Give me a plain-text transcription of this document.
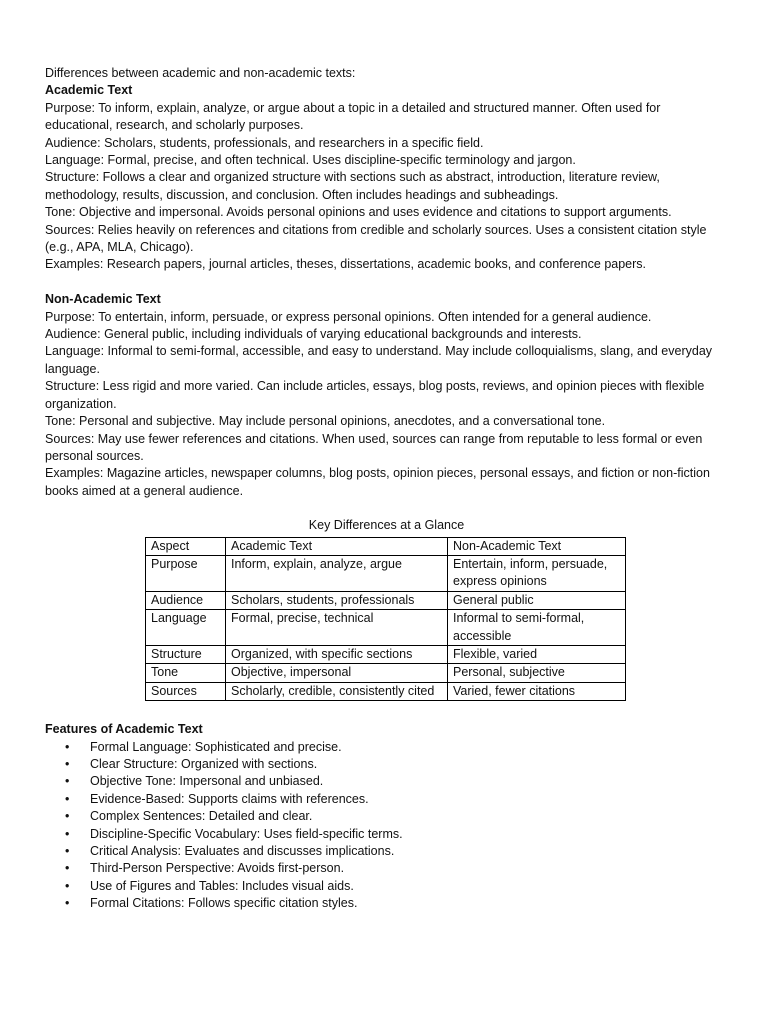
Differences between academic and non-academic texts:

Academic Text

Purpose: To inform, explain, analyze, or argue about a topic in a detailed and structured manner. Often used for

educational, research, and scholarly purposes.

Audience: Scholars, students, professionals, and researchers in a specific field.

Language: Formal, precise, and often technical. Uses discipline-specific terminology and jargon.

Structure: Follows a clear and organized structure with sections such as abstract, introduction, literature review,

methodology, results, discussion, and conclusion. Often includes headings and subheadings.

Tone: Objective and impersonal. Avoids personal opinions and uses evidence and citations to support arguments.

Sources: Relies heavily on references and citations from credible and scholarly sources. Uses a consistent citation style

(e.g., APA, MLA, Chicago).

Examples: Research papers, journal articles, theses, dissertations, academic books, and conference papers.

Non-Academic Text

Purpose: To entertain, inform, persuade, or express personal opinions. Often intended for a general audience.

Audience: General public, including individuals of varying educational backgrounds and interests.

Language: Informal to semi-formal, accessible, and easy to understand. May include colloquialisms, slang, and everyday

language.

Structure: Less rigid and more varied. Can include articles, essays, blog posts, reviews, and opinion pieces with flexible

organization.

Tone: Personal and subjective. May include personal opinions, anecdotes, and a conversational tone.

Sources: May use fewer references and citations. When used, sources can range from reputable to less formal or even

personal sources.

Examples: Magazine articles, newspaper columns, blog posts, opinion pieces, personal essays, and fiction or non-fiction

books aimed at a general audience.

Key Differences at a Glance

Aspect	Academic Text	Non-Academic Text
Purpose	Inform, explain, analyze, argue	Entertain, inform, persuade, express opinions
Audience	Scholars, students, professionals	General public
Language	Formal, precise, technical	Informal to semi-formal, accessible
Structure	Organized, with specific sections	Flexible, varied
Tone	Objective, impersonal	Personal, subjective
Sources	Scholarly, credible, consistently cited	Varied, fewer citations

Features of Academic Text

• Formal Language: Sophisticated and precise.
• Clear Structure: Organized with sections.
• Objective Tone: Impersonal and unbiased.
• Evidence-Based: Supports claims with references.
• Complex Sentences: Detailed and clear.
• Discipline-Specific Vocabulary: Uses field-specific terms.
• Critical Analysis: Evaluates and discusses implications.
• Third-Person Perspective: Avoids first-person.
• Use of Figures and Tables: Includes visual aids.
• Formal Citations: Follows specific citation styles.
